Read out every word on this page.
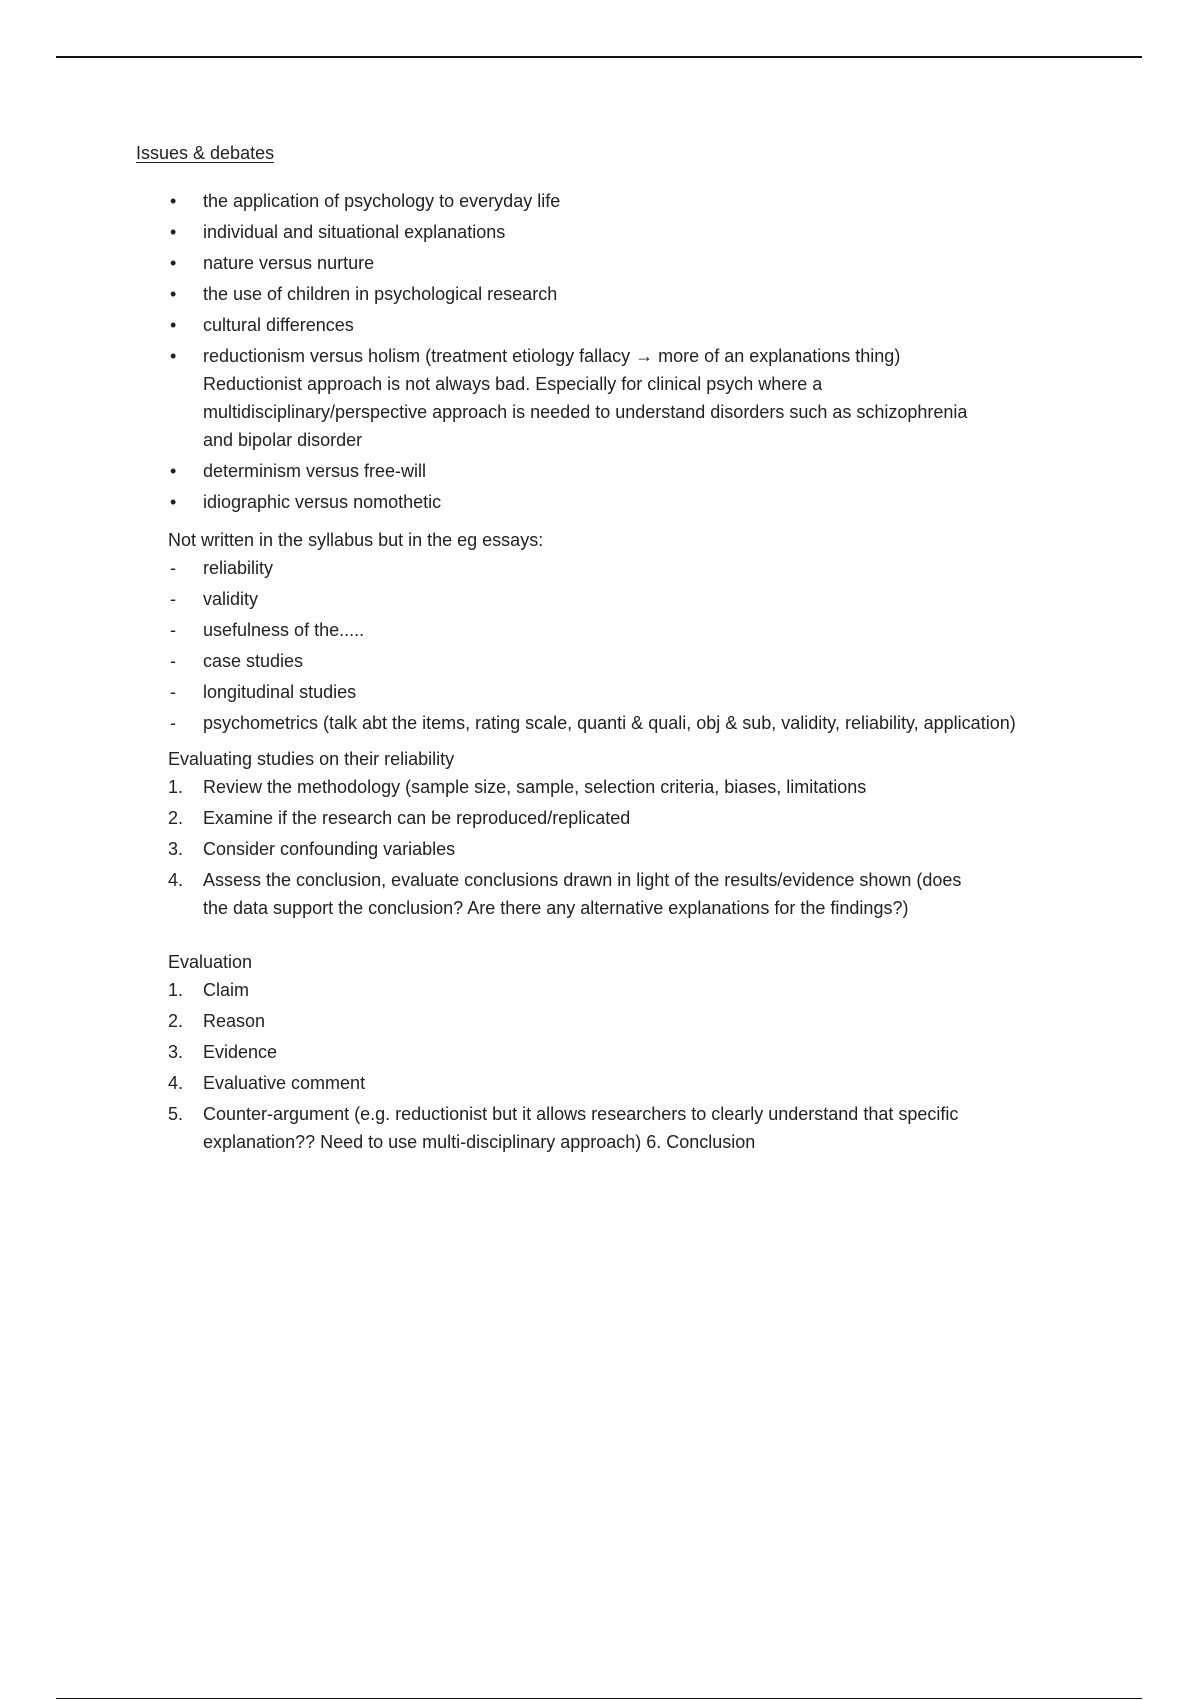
Issues & debates
•	the application of psychology to everyday life
•	individual and situational explanations
•	nature versus nurture
•	the use of children in psychological research
•	cultural differences
•	reductionism versus holism (treatment etiology fallacy → more of an explanations thing) Reductionist approach is not always bad. Especially for clinical psych where a multidisciplinary/perspective approach is needed to understand disorders such as schizophrenia and bipolar disorder
•	determinism versus free-will
•	idiographic versus nomothetic

Not written in the syllabus but in the eg essays:

-	reliability
-	validity
-	usefulness of the.....
-	case studies
-	longitudinal studies
-	psychometrics (talk abt the items, rating scale, quanti & quali, obj & sub, validity, reliability, application)

Evaluating studies on their reliability

1.	Review the methodology (sample size, sample, selection criteria, biases, limitations
2.	Examine if the research can be reproduced/replicated
3.	Consider confounding variables
4.	Assess the conclusion, evaluate conclusions drawn in light of the results/evidence shown (does the data support the conclusion? Are there any alternative explanations for the findings?)

Evaluation

1.	Claim
2.	Reason
3.	Evidence
4.	Evaluative comment
5.	Counter-argument (e.g. reductionist but it allows researchers to clearly understand that specific explanation?? Need to use multi-disciplinary approach) 6. Conclusion
